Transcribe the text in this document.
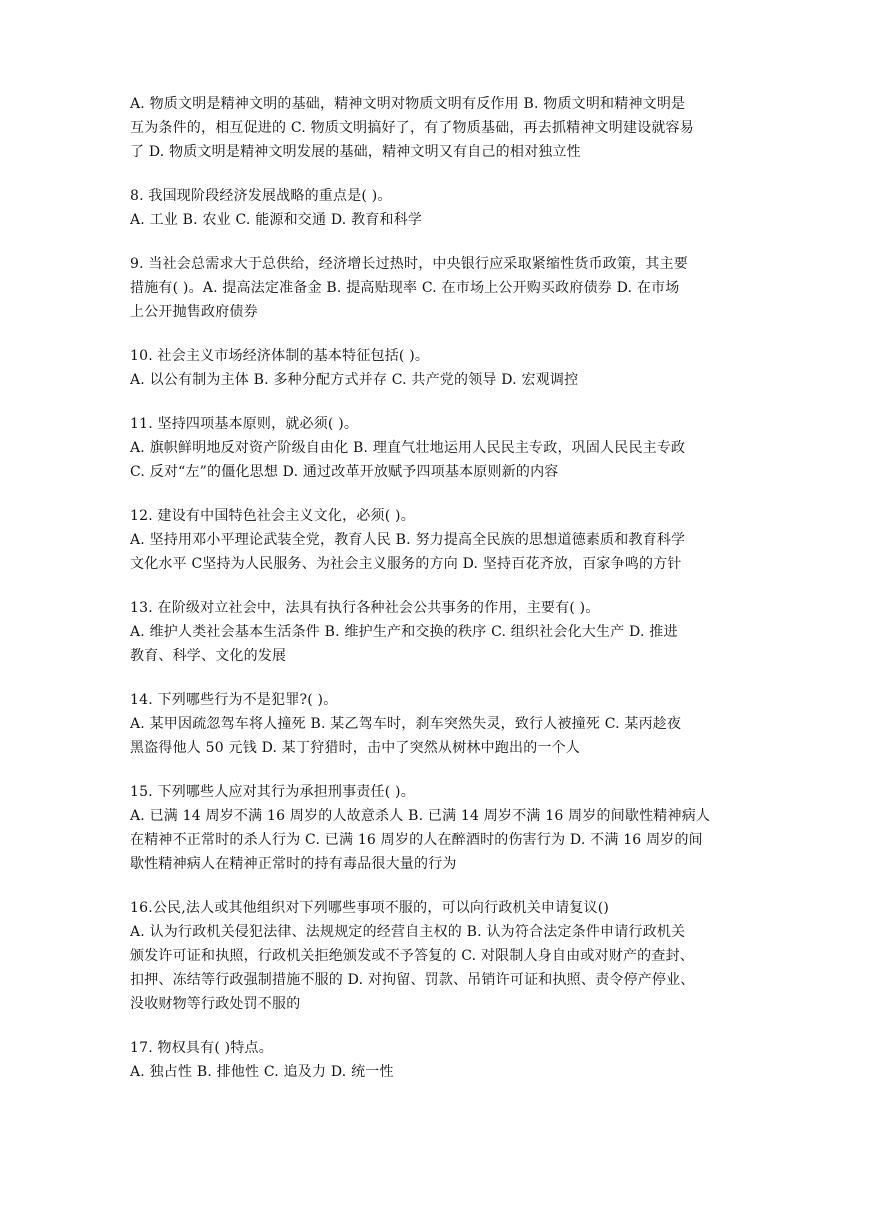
A. 物质文明是精神文明的基础，精神文明对物质文明有反作用 B. 物质文明和精神文明是
互为条件的，相互促进的 C. 物质文明搞好了，有了物质基础，再去抓精神文明建设就容易
了 D. 物质文明是精神文明发展的基础，精神文明又有自己的相对独立性
8. 我国现阶段经济发展战略的重点是( )。
A. 工业 B. 农业 C. 能源和交通 D. 教育和科学
9. 当社会总需求大于总供给，经济增长过热时，中央银行应采取紧缩性货币政策，其主要
措施有( )。A. 提高法定准备金 B. 提高贴现率 C. 在市场上公开购买政府债券 D. 在市场
上公开抛售政府债券
10. 社会主义市场经济体制的基本特征包括( )。
A. 以公有制为主体 B. 多种分配方式并存 C. 共产党的领导 D. 宏观调控
11. 坚持四项基本原则，就必须( )。
A. 旗帜鲜明地反对资产阶级自由化 B. 理直气壮地运用人民民主专政，巩固人民民主专政
C. 反对“左”的僵化思想 D. 通过改革开放赋予四项基本原则新的内容
12. 建设有中国特色社会主义文化，必须( )。
A. 坚持用邓小平理论武装全党，教育人民 B. 努力提高全民族的思想道德素质和教育科学
文化水平 C坚持为人民服务、为社会主义服务的方向 D. 坚持百花齐放，百家争鸣的方针
13. 在阶级对立社会中，法具有执行各种社会公共事务的作用，主要有( )。
A. 维护人类社会基本生活条件 B. 维护生产和交换的秩序 C. 组织社会化大生产 D. 推进
教育、科学、文化的发展
14. 下列哪些行为不是犯罪?( )。
A. 某甲因疏忽驾车将人撞死 B. 某乙驾车时，刹车突然失灵，致行人被撞死 C. 某丙趁夜
黑盗得他人 50 元钱 D. 某丁狩猎时，击中了突然从树林中跑出的一个人
15. 下列哪些人应对其行为承担刑事责任( )。
A. 已满 14 周岁不满 16 周岁的人故意杀人 B. 已满 14 周岁不满 16 周岁的间歇性精神病人
在精神不正常时的杀人行为 C. 已满 16 周岁的人在醉酒时的伤害行为 D. 不满 16 周岁的间
歇性精神病人在精神正常时的持有毒品很大量的行为
16.公民,法人或其他组织对下列哪些事项不服的，可以向行政机关申请复议()
A. 认为行政机关侵犯法律、法规规定的经营自主权的 B. 认为符合法定条件申请行政机关
颁发许可证和执照，行政机关拒绝颁发或不予答复的 C. 对限制人身自由或对财产的查封、
扣押、冻结等行政强制措施不服的 D. 对拘留、罚款、吊销许可证和执照、责令停产停业、
没收财物等行政处罚不服的
17. 物权具有( )特点。
A. 独占性 B. 排他性 C. 追及力 D. 统一性
